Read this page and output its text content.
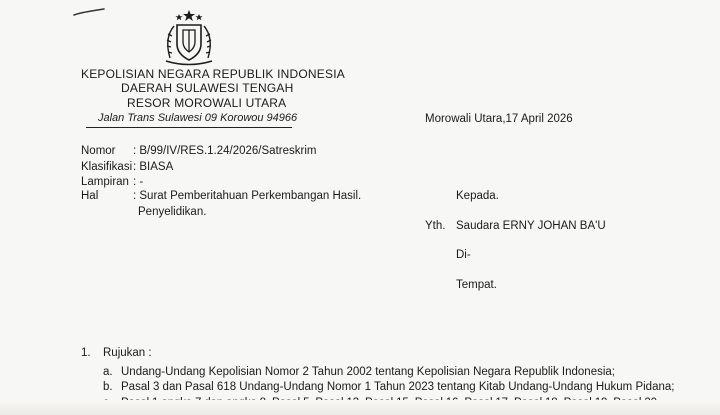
KEPOLISIAN NEGARA REPUBLIK INDONESIA
DAERAH SULAWESI TENGAH
RESOR MOROWALI UTARA
Jalan Trans Sulawesi 09 Korowou 94966	Morowali Utara,17 April 2026
Nomor : B/99/IV/RES.1.24/2026/Satreskrim
Klasifikasi : BIASA
Lampiran : -
Hal	: Surat Pemberitahuan Perkembangan Hasil.
Penyelidikan.
Kepada.
Yth. Saudara ERNY JOHAN BA'U
Di-
Tempat.
1. Rujukan :
a. Undang-Undang Kepolisian Nomor 2 Tahun 2002 tentang Kepolisian Negara Republik Indonesia;
b. Pasal 3 dan Pasal 618 Undang-Undang Nomor 1 Tahun 2023 tentang Kitab Undang-Undang Hukum Pidana;
